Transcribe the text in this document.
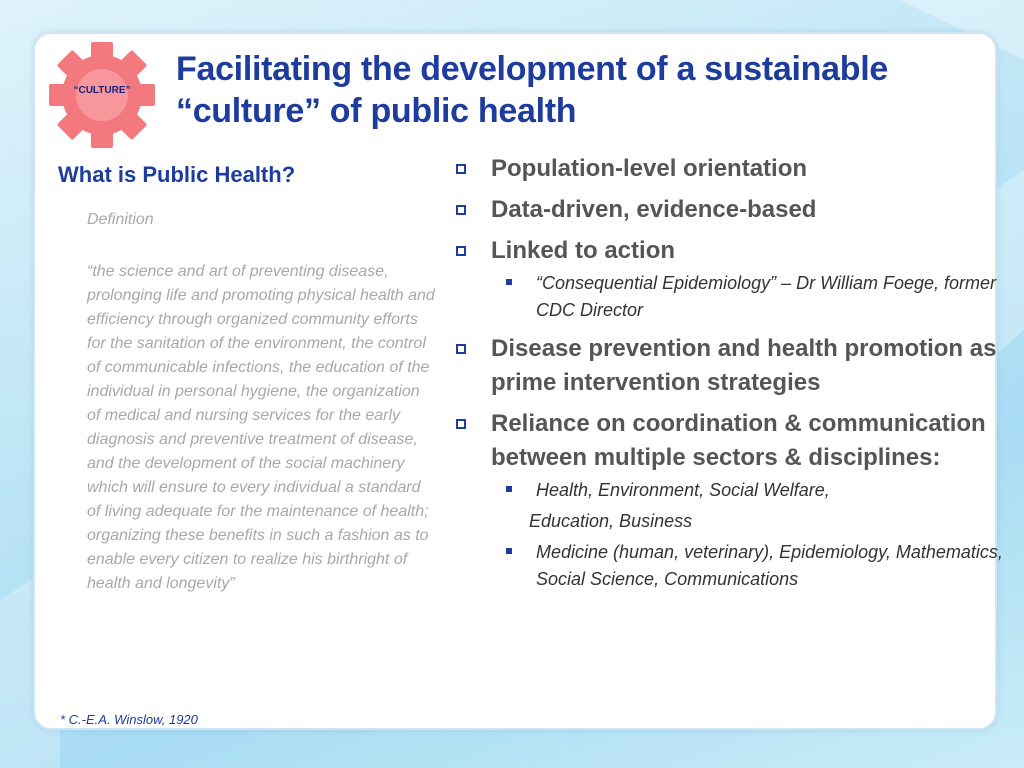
“CULTURE”
Facilitating the development of a sustainable
“culture” of public health
What is Public Health?
Definition

“the science and art of preventing disease, prolonging life and promoting physical health and efficiency through organized community efforts for the sanitation of the environment, the control of communicable infections, the education of the individual in personal hygiene, the organization of medical and nursing services for the early diagnosis and preventive treatment of disease, and the development of the social machinery which will ensure to every individual a standard of living adequate for the maintenance of health; organizing these benefits in such a fashion as to enable every citizen to realize his birthright of health and longevity”

* C.-E.A. Winslow, 1920
Population-level orientation
Data-driven, evidence-based
Linked to action
“Consequential Epidemiology” – Dr William Foege, former CDC Director
Disease prevention and health promotion as prime intervention strategies
Reliance on coordination & communication between multiple sectors & disciplines:
Health, Environment, Social Welfare,
Education, Business
Medicine (human, veterinary), Epidemiology, Mathematics, Social Science, Communications
